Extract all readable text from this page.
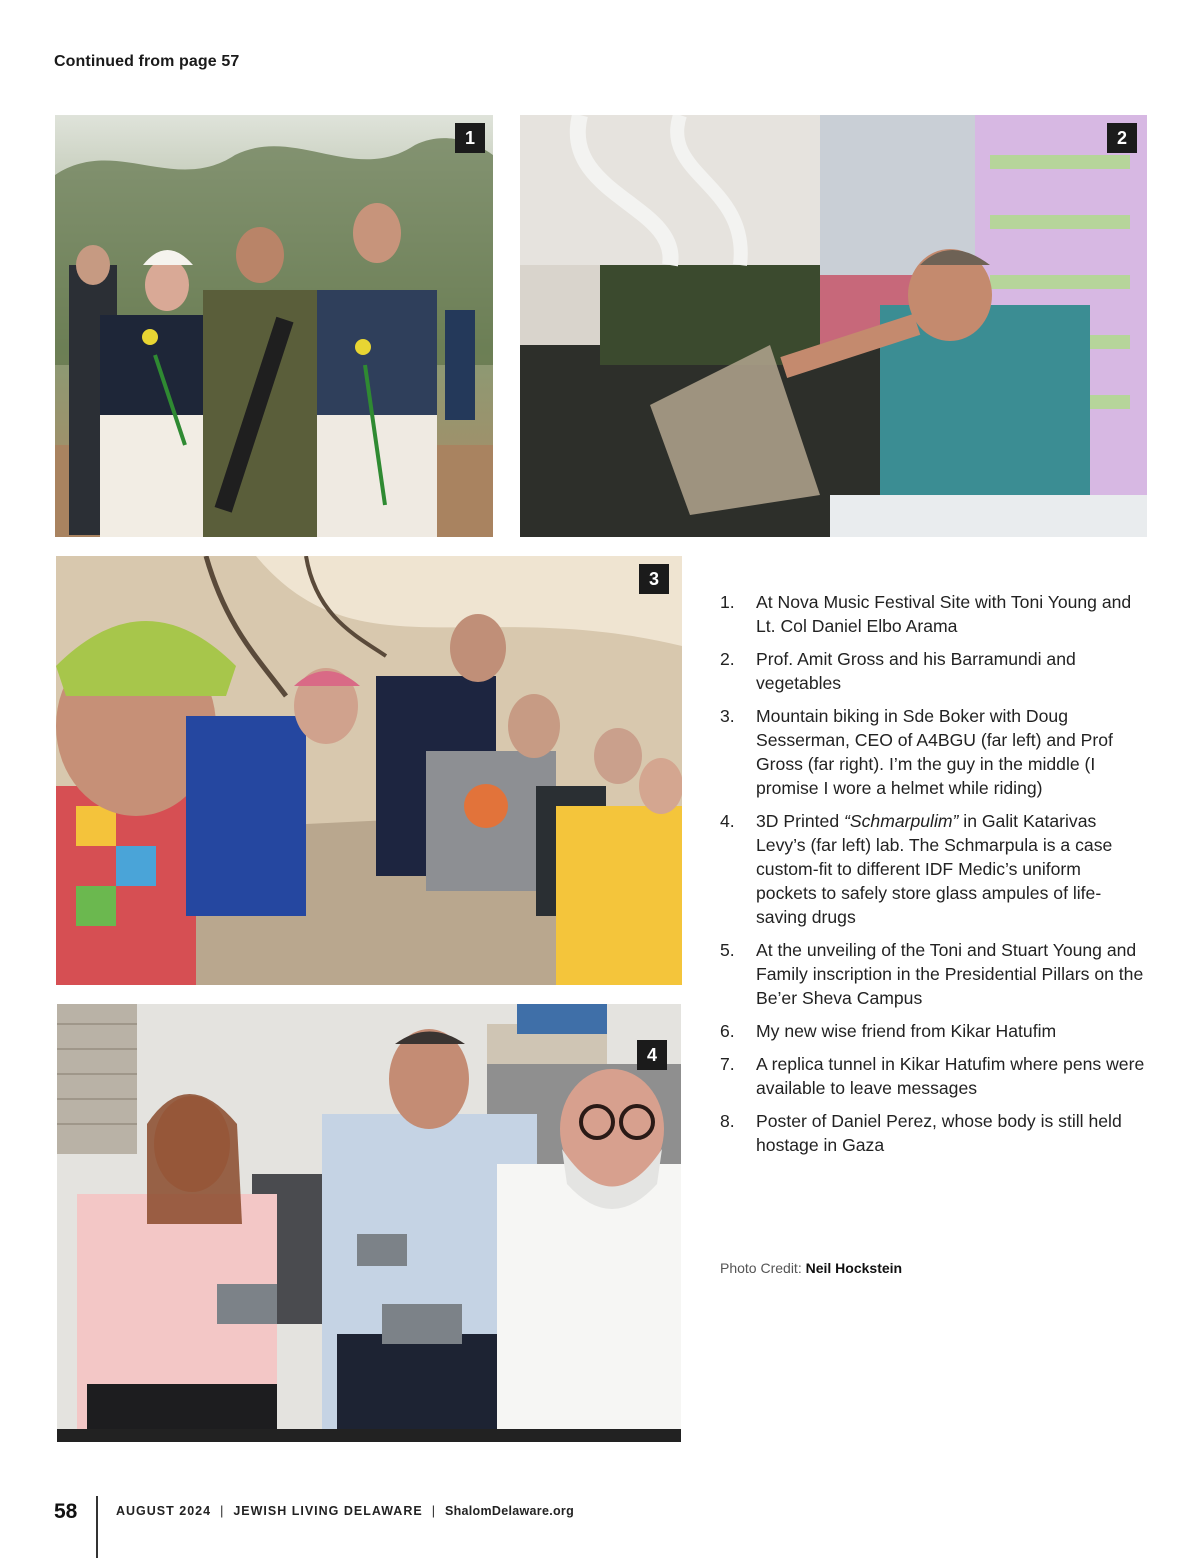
Continued from page 57
1	2
3
4
1.	At Nova Music Festival Site with Toni Young and Lt. Col Daniel Elbo Arama
2.	Prof. Amit Gross and his Barramundi and vegetables
3.	Mountain biking in Sde Boker with Doug Sesserman, CEO of A4BGU (far left) and Prof Gross (far right). I’m the guy in the middle (I promise I wore a helmet while riding)
4.	3D Printed “Schmarpulim” in Galit Katarivas Levy’s (far left) lab. The Schmarpula is a case custom-fit to different IDF Medic’s uniform pockets to safely store glass ampules of life-saving drugs
5.	At the unveiling of the Toni and Stuart Young and Family inscription in the Presidential Pillars on the Be’er Sheva Campus
6.	My new wise friend from Kikar Hatufim
7.	A replica tunnel in Kikar Hatufim where pens were available to leave messages
8.	Poster of Daniel Perez, whose body is still held hostage in Gaza
Photo Credit: Neil Hockstein
58	AUGUST 2024 | JEWISH LIVING DELAWARE | ShalomDelaware.org
